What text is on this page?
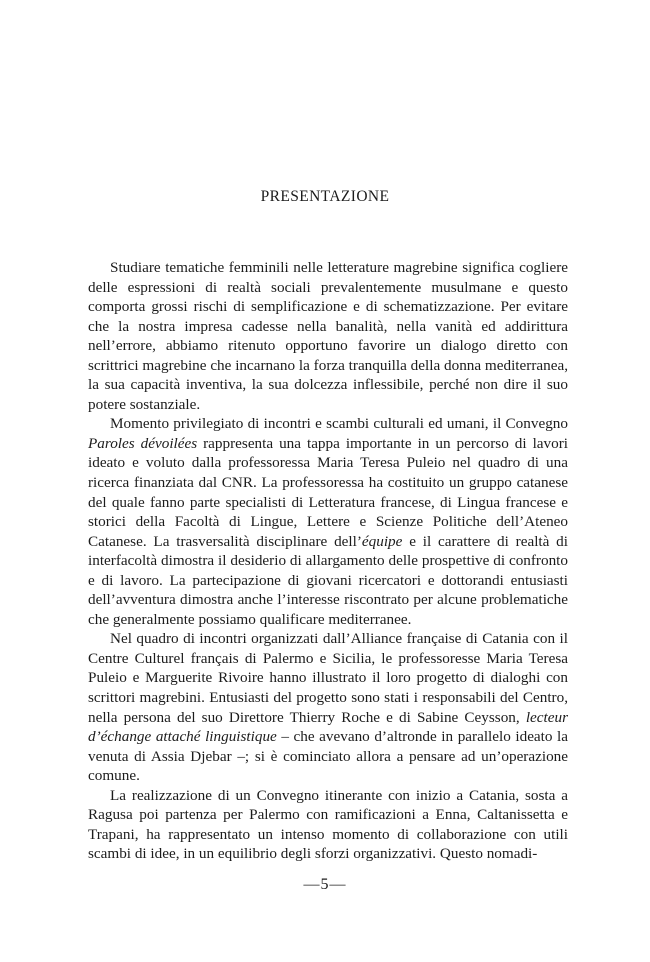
PRESENTAZIONE

Studiare tematiche femminili nelle letterature magrebine significa cogliere delle espressioni di realtà sociali prevalentemente musulmane e questo comporta grossi rischi di semplificazione e di schematizzazione. Per evitare che la nostra impresa cadesse nella banalità, nella vanità ed addirittura nell’errore, abbiamo ritenuto opportuno favorire un dialogo diretto con scrittrici magrebine che incarnano la forza tranquilla della donna mediterranea, la sua capacità inventiva, la sua dolcezza inflessibile, perché non dire il suo potere sostanziale.

Momento privilegiato di incontri e scambi culturali ed umani, il Convegno Paroles dévoilées rappresenta una tappa importante in un percorso di lavori ideato e voluto dalla professoressa Maria Teresa Puleio nel quadro di una ricerca finanziata dal CNR. La professoressa ha costituito un gruppo catanese del quale fanno parte specialisti di Letteratura francese, di Lingua francese e storici della Facoltà di Lingue, Lettere e Scienze Politiche dell’Ateneo Catanese. La trasversalità disciplinare dell’équipe e il carattere di realtà di interfacoltà dimostra il desiderio di allargamento delle prospettive di confronto e di lavoro. La partecipazione di giovani ricercatori e dottorandi entusiasti dell’avventura dimostra anche l’interesse riscontrato per alcune problematiche che generalmente possiamo qualificare mediterranee.

Nel quadro di incontri organizzati dall’Alliance française di Catania con il Centre Culturel français di Palermo e Sicilia, le professoresse Maria Teresa Puleio e Marguerite Rivoire hanno illustrato il loro progetto di dialoghi con scrittori magrebini. Entusiasti del progetto sono stati i responsabili del Centro, nella persona del suo Direttore Thierry Roche e di Sabine Ceysson, lecteur d’échange attaché linguistique – che avevano d’altronde in parallelo ideato la venuta di Assia Djebar –; si è cominciato allora a pensare ad un’operazione comune.

La realizzazione di un Convegno itinerante con inizio a Catania, sosta a Ragusa poi partenza per Palermo con ramificazioni a Enna, Caltanissetta e Trapani, ha rappresentato un intenso momento di collaborazione con utili scambi di idee, in un equilibrio degli sforzi organizzativi. Questo nomadi-

—5—
